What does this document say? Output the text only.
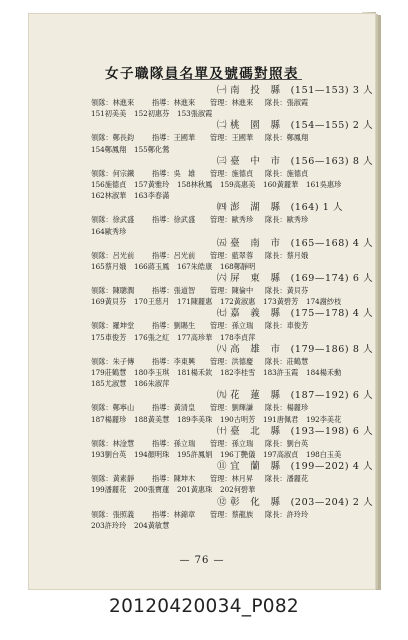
女子職隊員名單及號碼對照表
㈠ 南　投　縣 (151—153) 3 人
領隊：林進來 指導：林進來 管理：林進來 隊長：張淑霞
151初美美 152初惠芬 153張淑霞
㈡ 桃　園　縣 (154—155) 2 人
領隊：鄭長鈞 指導：王國華 管理：王國華 隊長：鄭鳳翔
154鄭鳳翔 155鄭化鶯
㈢ 臺　中　市 (156—163) 8 人
領隊：何宗鐵 指導：吳　雄 管理：施德貞 隊長：施德貞
156施德貞 157黃雅玲 158林秋鳳 159高惠美 160黃麗華 161吳惠珍
162林淑華 163李春滿
㈣ 澎　湖　縣 (164) 1 人
領隊：徐武盛 指導：徐武盛 管理：歐秀珍 隊長：歐秀珍
164歐秀珍
㈤ 臺　南　市 (165—168) 4 人
領隊：呂光前 指導：呂光前 管理：藍翠蓉 隊長：蔡月娥
165蔡月娥 166蔣玉鳳 167朱皓康 168鄭靜明
㈥ 屏　東　縣 (169—174) 6 人
領隊：陳聰潤 指導：張道智 管理：陳倫中 隊長：黃貝芬
169黃貝芬 170王慈月 171陳麗惠 172黃淑惠 173黃碧芳 174謝紗枝
㈦ 嘉　義　縣 (175—178) 4 人
領隊：羅坤堂 指導：劉賜生 管理：孫立瑞 隊長：車俊芳
175車俊芳 176張之紅 177高珍華 178李貞萍
㈧ 高　雄　市 (179—186) 8 人
領隊：朱子傳 指導：李東興 管理：洪德慶 隊長：莊鶴慧
179莊鶴慧 180李玉琪 181楊禾欽 182李桂雪 183許玉霞 184楊禾動
185尤淑慧 186朱淑萍
㈨ 花　蓮　縣 (187—192) 6 人
領隊：鄭寧山 指導：黃清皇 管理：劉輝謙 隊長：楊麗珍
187楊麗珍 188黃美慧 189李美珠 190古明芳 191唐佩君 192李美花
㈩ 臺　北　縣 (193—198) 6 人
領隊：林淦慧 指導：孫立瑞 管理：孫立瑞 隊長：劉台英
193劉台英 194顏明珠 195許鳳娟 196丁艷儀 197高淑貞 198白玉美
⑪ 宜　蘭　縣 (199—202) 4 人
領隊：黃素靜 指導：陳坤木 管理：林月昇 隊長：潘麗花
199潘麗花 200張寶蓮 201黃惠珠 202何碧華
⑫ 彰　化　縣 (203—204) 2 人
領隊：張照義 指導：林錦章 管理：蔡龍族 隊長：許玲玲
203許玲玲 204黃敏慧
— 76 —
20120420034_P082
